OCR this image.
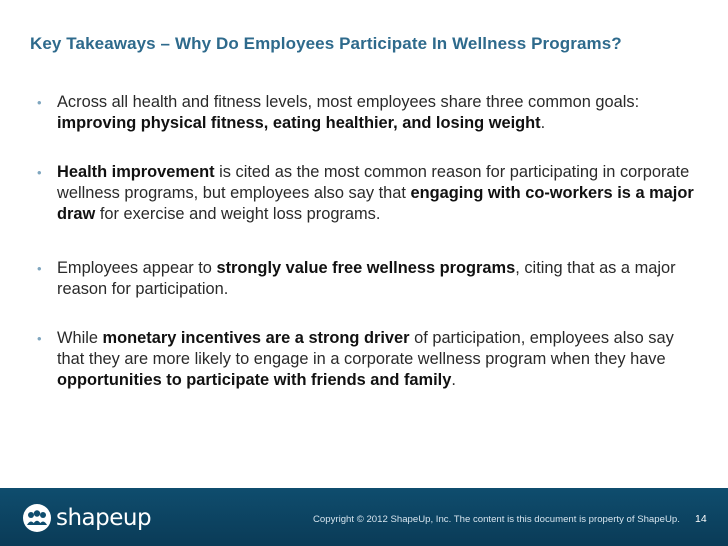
Key Takeaways – Why Do Employees Participate In Wellness Programs?
• Across all health and fitness levels, most employees share three common goals: improving physical fitness, eating healthier, and losing weight.
• Health improvement is cited as the most common reason for participating in corporate wellness programs, but employees also say that engaging with co-workers is a major draw for exercise and weight loss programs.
• Employees appear to strongly value free wellness programs, citing that as a major reason for participation.
• While monetary incentives are a strong driver of participation, employees also say that they are more likely to engage in a corporate wellness program when they have opportunities to participate with friends and family.
shapeup	Copyright © 2012 ShapeUp, Inc. The content is this document is property of ShapeUp. 14
